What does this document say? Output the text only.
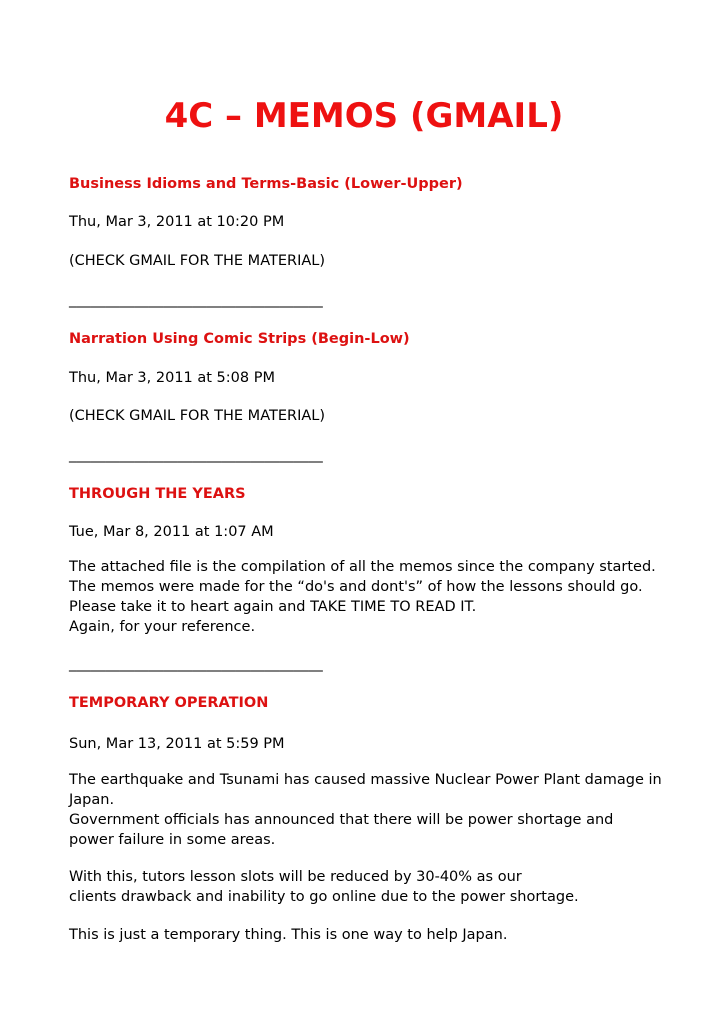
4C – MEMOS (GMAIL)
Business Idioms and Terms-Basic (Lower-Upper)
Thu, Mar 3, 2011 at 10:20 PM
(CHECK GMAIL FOR THE MATERIAL)
___________________________________
Narration Using Comic Strips (Begin-Low)
Thu, Mar 3, 2011 at 5:08 PM
(CHECK GMAIL FOR THE MATERIAL)
___________________________________
THROUGH THE YEARS
Tue, Mar 8, 2011 at 1:07 AM
The attached file is the compilation of all the memos since the company started.
The memos were made for the “do's and dont's” of how the lessons should go.
Please take it to heart again and TAKE TIME TO READ IT.
Again, for your reference.
___________________________________
TEMPORARY OPERATION
Sun, Mar 13, 2011 at 5:59 PM
The earthquake and Tsunami has caused massive Nuclear Power Plant damage in
Japan.
Government officials has announced that there will be power shortage and
power failure in some areas.
With this, tutors lesson slots will be reduced by 30-40% as our
clients drawback and inability to go online due to the power shortage.
This is just a temporary thing. This is one way to help Japan.
